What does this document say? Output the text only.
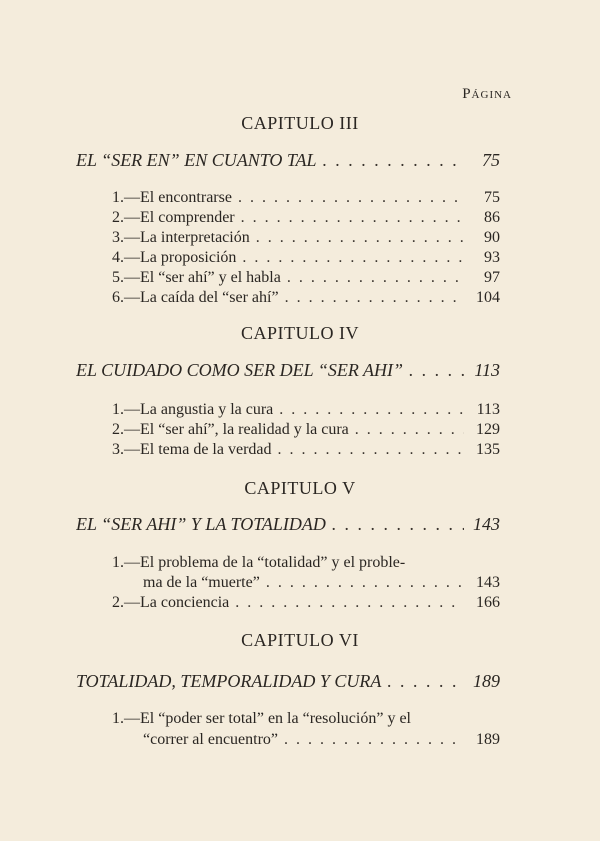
Página
CAPITULO III
EL “SER EN” EN CUANTO TAL . . .	75
1.—El encontrarse . . .	75
2.—El comprender . . .	86
3.—La interpretación . . .	90
4.—La proposición . . .	93
5.—El “ser ahí” y el habla . . .	97
6.—La caída del “ser ahí” . . .	104
CAPITULO IV
EL CUIDADO COMO SER DEL “SER AHI” . . .	113
1.—La angustia y la cura . . .	113
2.—El “ser ahí”, la realidad y la cura . . .	129
3.—El tema de la verdad . . .	135
CAPITULO V
EL “SER AHI” Y LA TOTALIDAD . . .	143
1.—El problema de la “totalidad” y el proble-
ma de la “muerte” . . .	143
2.—La conciencia . . .	166
CAPITULO VI
TOTALIDAD, TEMPORALIDAD Y CURA . . .	189
1.—El “poder ser total” en la “resolución” y el
“correr al encuentro” . . .	189
